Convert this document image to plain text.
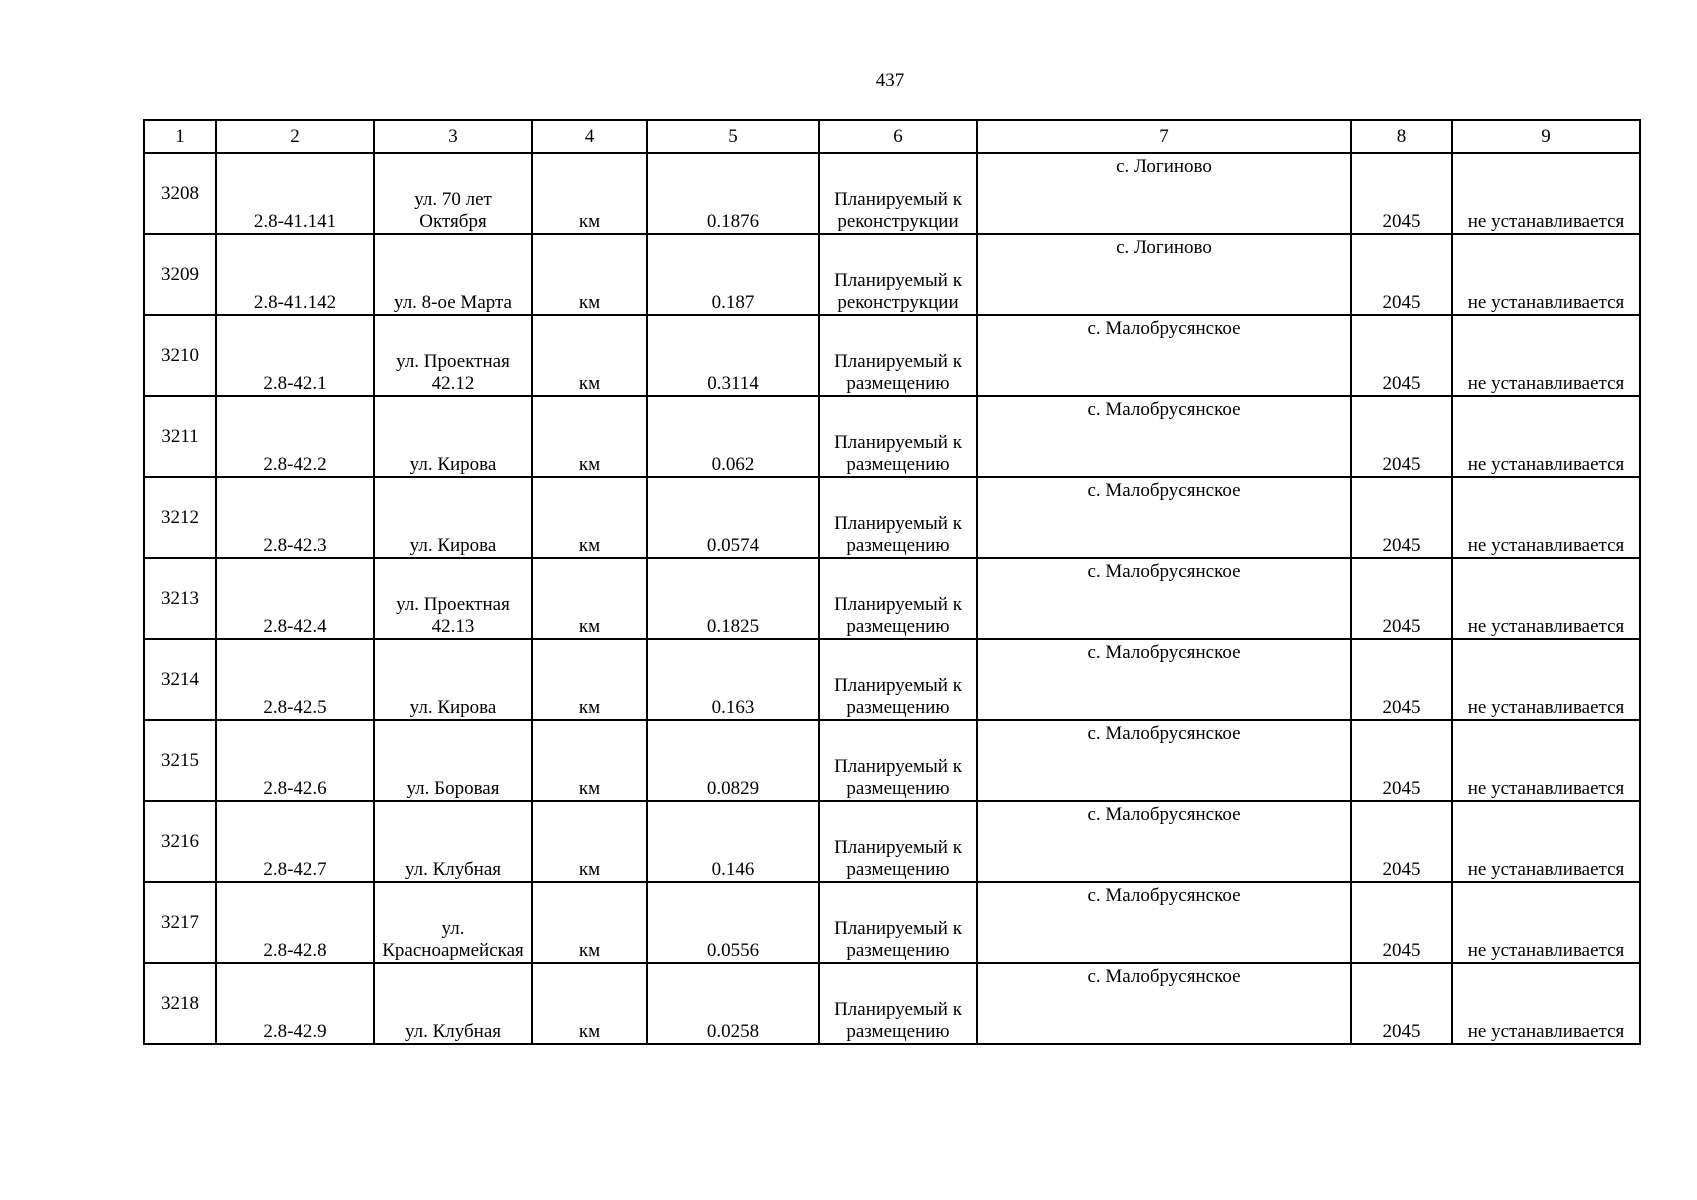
437
1	2	3	4	5	6	7	8	9
3208	2.8-41.141	ул. 70 лет Октября	км	0.1876	Планируемый к реконструкции	с. Логиново	2045	не устанавливается
3209	2.8-41.142	ул. 8-ое Марта	км	0.187	Планируемый к реконструкции	с. Логиново	2045	не устанавливается
3210	2.8-42.1	ул. Проектная 42.12	км	0.3114	Планируемый к размещению	с. Малобрусянское	2045	не устанавливается
3211	2.8-42.2	ул. Кирова	км	0.062	Планируемый к размещению	с. Малобрусянское	2045	не устанавливается
3212	2.8-42.3	ул. Кирова	км	0.0574	Планируемый к размещению	с. Малобрусянское	2045	не устанавливается
3213	2.8-42.4	ул. Проектная 42.13	км	0.1825	Планируемый к размещению	с. Малобрусянское	2045	не устанавливается
3214	2.8-42.5	ул. Кирова	км	0.163	Планируемый к размещению	с. Малобрусянское	2045	не устанавливается
3215	2.8-42.6	ул. Боровая	км	0.0829	Планируемый к размещению	с. Малобрусянское	2045	не устанавливается
3216	2.8-42.7	ул. Клубная	км	0.146	Планируемый к размещению	с. Малобрусянское	2045	не устанавливается
3217	2.8-42.8	ул. Красноармейская	км	0.0556	Планируемый к размещению	с. Малобрусянское	2045	не устанавливается
3218	2.8-42.9	ул. Клубная	км	0.0258	Планируемый к размещению	с. Малобрусянское	2045	не устанавливается
